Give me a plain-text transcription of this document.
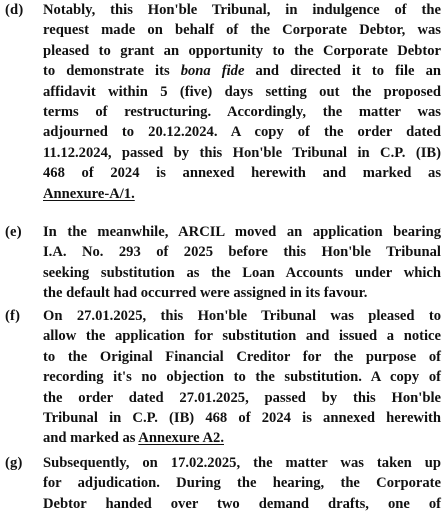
(d) Notably, this Hon'ble Tribunal, in indulgence of the
request made on behalf of the Corporate Debtor, was
pleased to grant an opportunity to the Corporate Debtor
to demonstrate its bona fide and directed it to file an
affidavit within 5 (five) days setting out the proposed
terms of restructuring. Accordingly, the matter was
adjourned to 20.12.2024. A copy of the order dated
11.12.2024, passed by this Hon'ble Tribunal in C.P. (IB)
468 of 2024 is annexed herewith and marked as
Annexure-A/1.
(e) In the meanwhile, ARCIL moved an application bearing
I.A. No. 293 of 2025 before this Hon'ble Tribunal
seeking substitution as the Loan Accounts under which
the default had occurred were assigned in its favour.
(f) On 27.01.2025, this Hon'ble Tribunal was pleased to
allow the application for substitution and issued a notice
to the Original Financial Creditor for the purpose of
recording it's no objection to the substitution. A copy of
the order dated 27.01.2025, passed by this Hon'ble
Tribunal in C.P. (IB) 468 of 2024 is annexed herewith
and marked as Annexure A2.
(g) Subsequently, on 17.02.2025, the matter was taken up
for adjudication. During the hearing, the Corporate
Debtor handed over two demand drafts, one of
